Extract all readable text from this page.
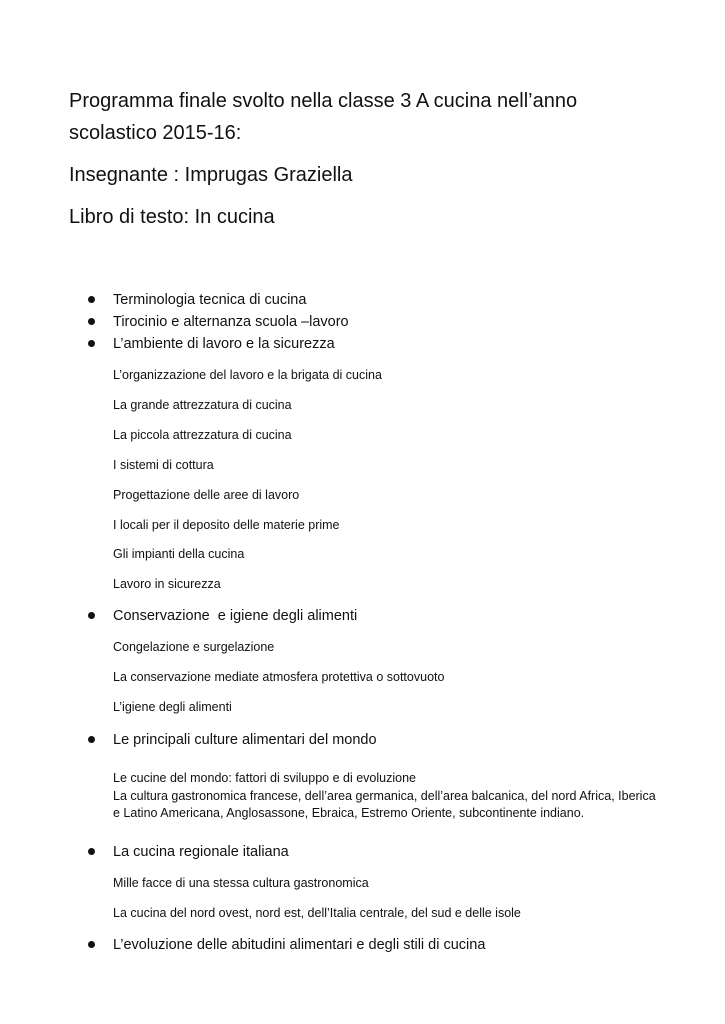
Programma finale svolto nella classe 3 A cucina nell’anno
scolastico 2015-16:
Insegnante : Imprugas Graziella
Libro di testo: In cucina
Terminologia tecnica di cucina
Tirocinio e alternanza scuola –lavoro
L’ambiente di lavoro e la sicurezza
L’organizzazione del lavoro e la brigata di cucina
La grande attrezzatura di cucina
La piccola attrezzatura di cucina
I sistemi di cottura
Progettazione delle aree di lavoro
I locali per il deposito delle materie prime
Gli impianti della cucina
Lavoro in sicurezza
Conservazione  e igiene degli alimenti
Congelazione e surgelazione
La conservazione mediate atmosfera protettiva o sottovuoto
L’igiene degli alimenti
Le principali culture alimentari del mondo
Le cucine del mondo: fattori di sviluppo e di evoluzione
La cultura gastronomica francese, dell’area germanica, dell’area balcanica, del nord Africa, Iberica e Latino Americana, Anglosassone, Ebraica, Estremo Oriente, subcontinente indiano.
La cucina regionale italiana
Mille facce di una stessa cultura gastronomica
La cucina del nord ovest, nord est, dell’Italia centrale, del sud e delle isole
L’evoluzione delle abitudini alimentari e degli stili di cucina
